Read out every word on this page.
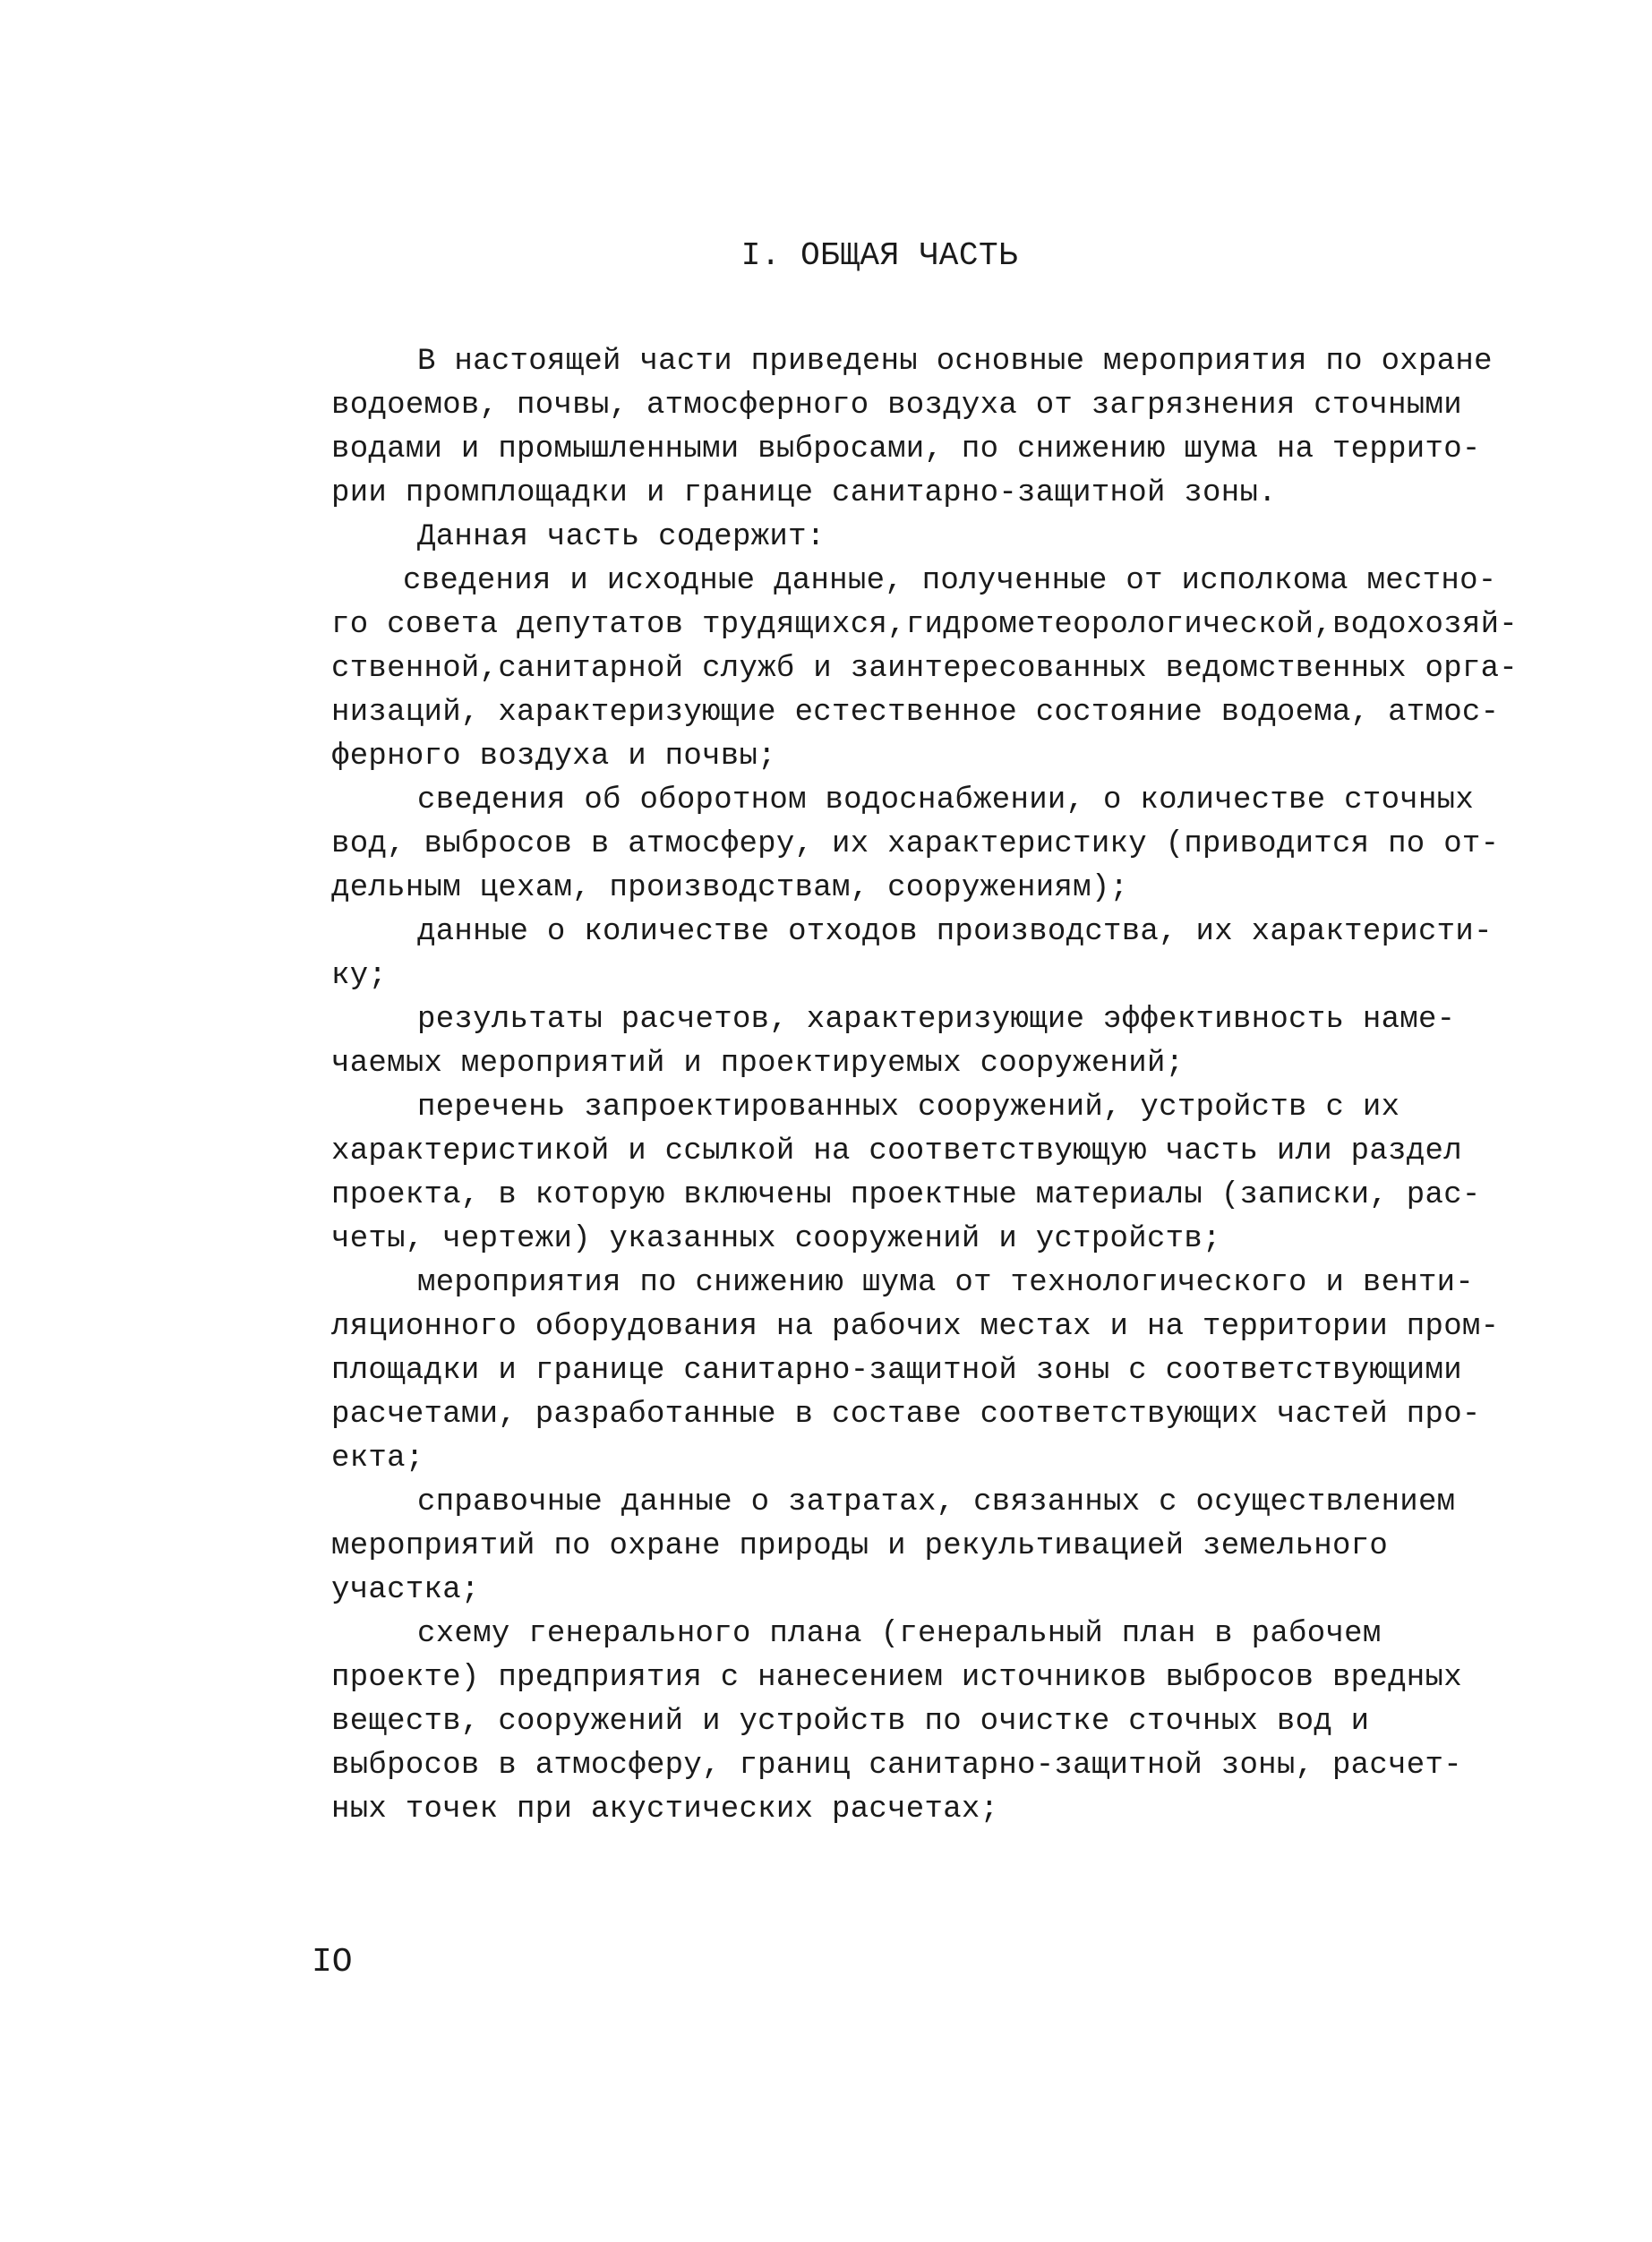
I. ОБЩАЯ ЧАСТЬ
В настоящей части приведены основные мероприятия по охране
водоемов, почвы, атмосферного воздуха от загрязнения сточными
водами и промышленными выбросами, по снижению шума на террито-
рии промплощадки и границе санитарно-защитной зоны.
Данная часть содержит:
сведения и исходные данные, полученные от исполкома местно-
го совета депутатов трудящихся,гидрометеорологической,водохозяй-
ственной,санитарной служб и заинтересованных ведомственных орга-
низаций, характеризующие естественное состояние водоема, атмос-
ферного воздуха и почвы;
сведения об оборотном водоснабжении, о количестве сточных
вод, выбросов в атмосферу, их характеристику (приводится по от-
дельным цехам, производствам, сооружениям);
данные о количестве отходов производства, их характеристи-
ку;
результаты расчетов, характеризующие эффективность наме-
чаемых мероприятий и проектируемых сооружений;
перечень запроектированных сооружений, устройств с их
характеристикой и ссылкой на соответствующую часть или раздел
проекта, в которую включены проектные материалы (записки, рас-
четы, чертежи) указанных сооружений и устройств;
мероприятия по снижению шума от технологического и венти-
ляционного оборудования на рабочих местах и на территории пром-
площадки и границе санитарно-защитной зоны с соответствующими
расчетами, разработанные в составе соответствующих частей про-
екта;
справочные данные о затратах, связанных с осуществлением
мероприятий по охране природы и рекультивацией земельного
участка;
схему генерального плана (генеральный план в рабочем
проекте) предприятия с нанесением источников выбросов вредных
веществ, сооружений и устройств по очистке сточных вод и
выбросов в атмосферу, границ санитарно-защитной зоны, расчет-
ных точек при акустических расчетах;
IO
